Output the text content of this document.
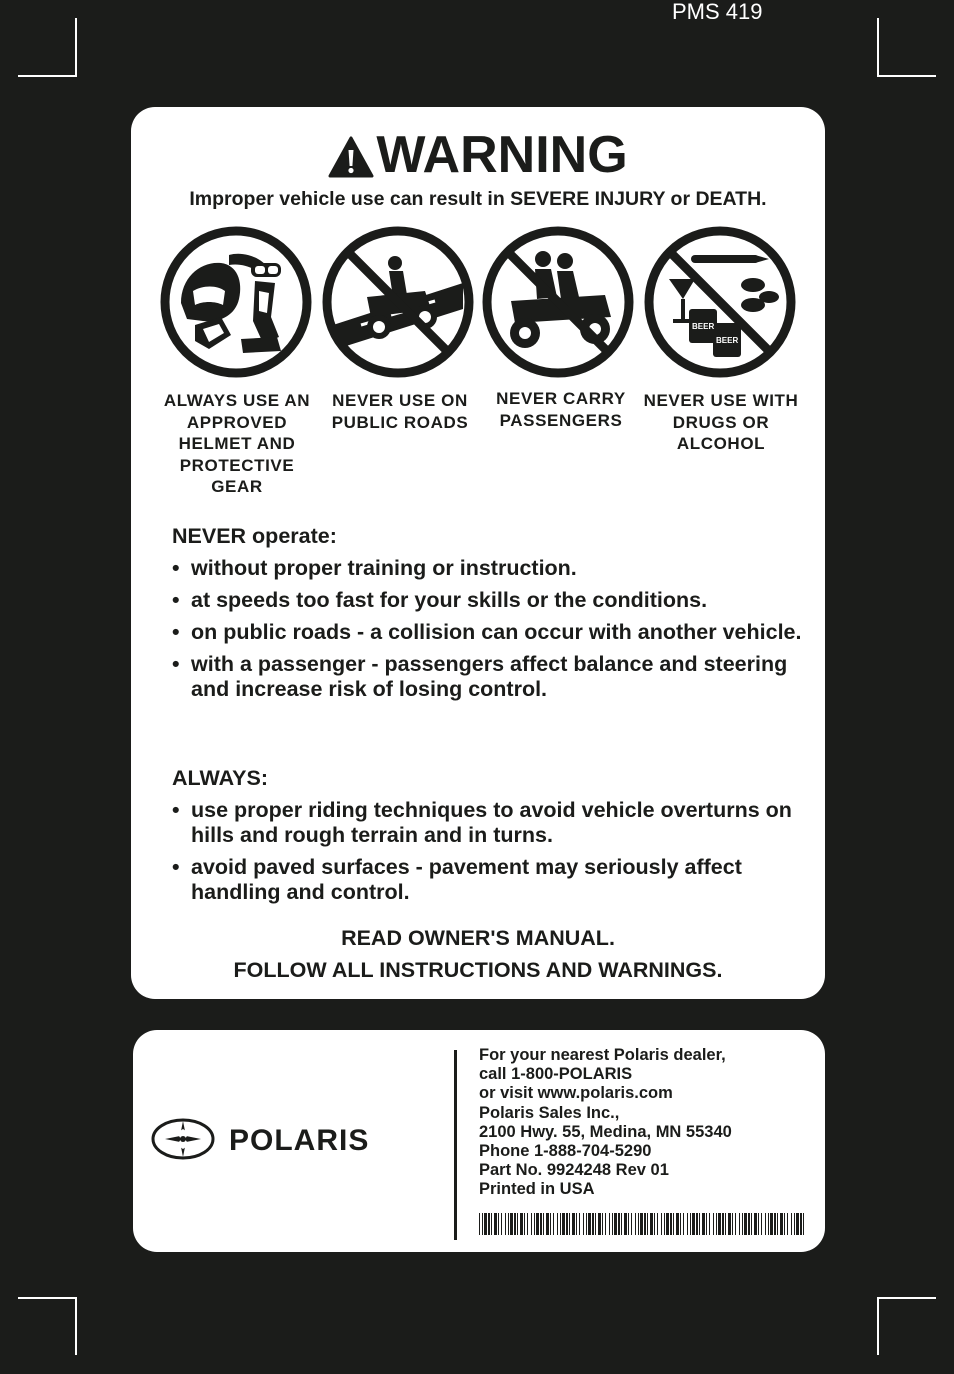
PMS 419
WARNING
Improper vehicle use can result in SEVERE INJURY or DEATH.
BEER
BEER
ALWAYS USE AN APPROVED HELMET AND PROTECTIVE GEAR
NEVER USE ON PUBLIC ROADS
NEVER CARRY PASSENGERS
NEVER USE WITH DRUGS OR ALCOHOL
NEVER operate:
• without proper training or instruction.
• at speeds too fast for your skills or the conditions.
• on public roads - a collision can occur with another vehicle.
• with a passenger - passengers affect balance and steering and increase risk of losing control.
ALWAYS:
• use proper riding techniques to avoid vehicle overturns on hills and rough terrain and in turns.
• avoid paved surfaces - pavement may seriously affect handling and control.
READ OWNER'S MANUAL.
FOLLOW ALL INSTRUCTIONS AND WARNINGS.
POLARIS
For your nearest Polaris dealer,
call 1-800-POLARIS
or visit www.polaris.com
Polaris Sales Inc.,
2100 Hwy. 55, Medina, MN 55340
Phone 1-888-704-5290
Part No. 9924248 Rev 01
Printed in USA
